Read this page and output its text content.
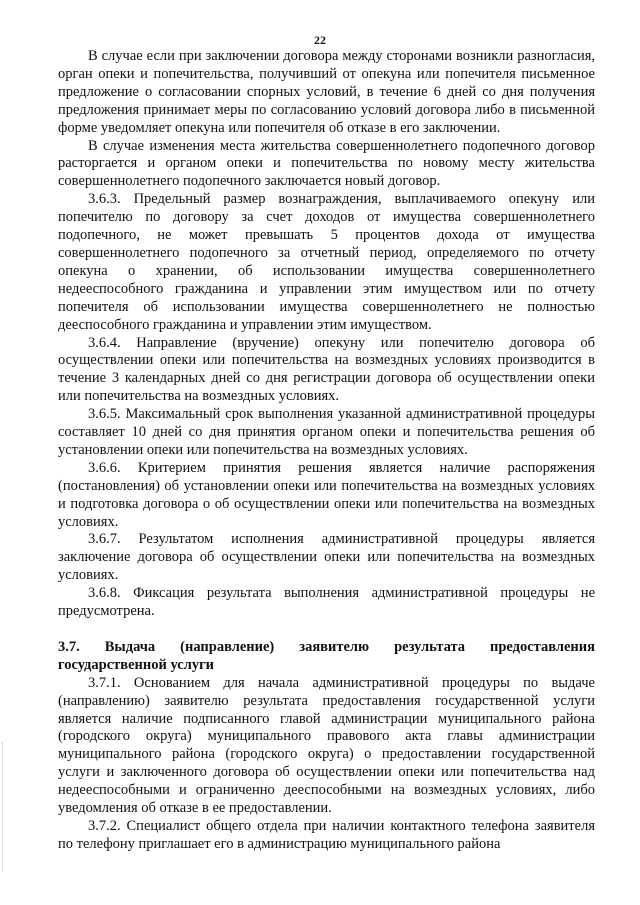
22

В случае если при заключении договора между сторонами возникли разногласия, орган опеки и попечительства, получивший от опекуна или попечителя письменное предложение о согласовании спорных условий, в течение 6 дней со дня получения предложения принимает меры по согласованию условий договора либо в письменной форме уведомляет опекуна или попечителя об отказе в его заключении.

В случае изменения места жительства совершеннолетнего подопечного договор расторгается и органом опеки и попечительства по новому месту жительства совершеннолетнего подопечного заключается новый договор.

3.6.3. Предельный размер вознаграждения, выплачиваемого опекуну или попечителю по договору за счет доходов от имущества совершеннолетнего подопечного, не может превышать 5 процентов дохода от имущества совершеннолетнего подопечного за отчетный период, определяемого по отчету опекуна о хранении, об использовании имущества совершеннолетнего недееспособного гражданина и управлении этим имуществом или по отчету попечителя об использовании имущества совершеннолетнего не полностью дееспособного гражданина и управлении этим имуществом.

3.6.4. Направление (вручение) опекуну или попечителю договора об осуществлении опеки или попечительства на возмездных условиях производится в течение 3 календарных дней со дня регистрации договора об осуществлении опеки или попечительства на возмездных условиях.

3.6.5. Максимальный срок выполнения указанной административной процедуры составляет 10 дней со дня принятия органом опеки и попечительства решения об установлении опеки или попечительства на возмездных условиях.

3.6.6. Критерием принятия решения является наличие распоряжения (постановления) об установлении опеки или попечительства на возмездных условиях и подготовка договора о об осуществлении опеки или попечительства на возмездных условиях.

3.6.7. Результатом исполнения административной процедуры является заключение договора об осуществлении опеки или попечительства на возмездных условиях.

3.6.8. Фиксация результата выполнения административной процедуры не предусмотрена.

3.7. Выдача (направление) заявителю результата предоставления государственной услуги

3.7.1. Основанием для начала административной процедуры по выдаче (направлению) заявителю результата предоставления государственной услуги является наличие подписанного главой администрации муниципального района (городского округа) муниципального правового акта главы администрации муниципального района (городского округа) о предоставлении государственной услуги и заключенного договора об осуществлении опеки или попечительства над недееспособными и ограниченно дееспособными на возмездных условиях, либо уведомления об отказе в ее предоставлении.

3.7.2. Специалист общего отдела при наличии контактного телефона заявителя по телефону приглашает его в администрацию муниципального района
